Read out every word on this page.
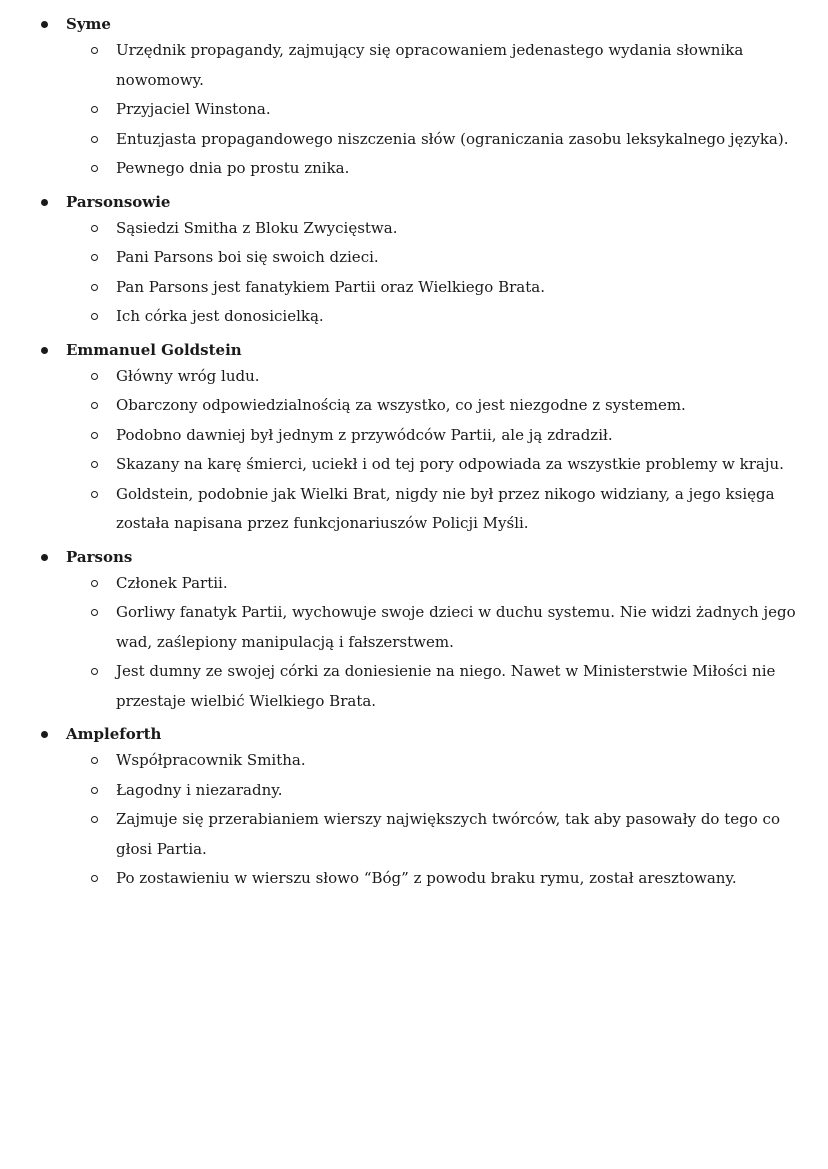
Syme
Urzędnik propagandy, zajmujący się opracowaniem jedenastego wydania słownika nowomowy.
Przyjaciel Winstona.
Entuzjasta propagandowego niszczenia słów (ograniczania zasobu leksykalnego języka).
Pewnego dnia po prostu znika.
Parsonsowie
Sąsiedzi Smitha z Bloku Zwycięstwa.
Pani Parsons boi się swoich dzieci.
Pan Parsons jest fanatykiem Partii oraz Wielkiego Brata.
Ich córka jest donosicielką.
Emmanuel Goldstein
Główny wróg ludu.
Obarczony odpowiedzialnością za wszystko, co jest niezgodne z systemem.
Podobno dawniej był jednym z przywódców Partii, ale ją zdradził.
Skazany na karę śmierci, uciekł i od tej pory odpowiada za wszystkie problemy w kraju.
Goldstein, podobnie jak Wielki Brat, nigdy nie był przez nikogo widziany, a jego księga została napisana przez funkcjonariuszów Policji Myśli.
Parsons
Członek Partii.
Gorliwy fanatyk Partii, wychowuje swoje dzieci w duchu systemu. Nie widzi żadnych jego wad, zaślepiony manipulacją i fałszerstwem.
Jest dumny ze swojej córki za doniesienie na niego. Nawet w Ministerstwie Miłości nie przestaje wielbić Wielkiego Brata.
Ampleforth
Współpracownik Smitha.
Łagodny i niezaradny.
Zajmuje się przerabianiem wierszy największych twórców, tak aby pasowały do tego co głosi Partia.
Po zostawieniu w wierszu słowo “Bóg” z powodu braku rymu, został aresztowany.
